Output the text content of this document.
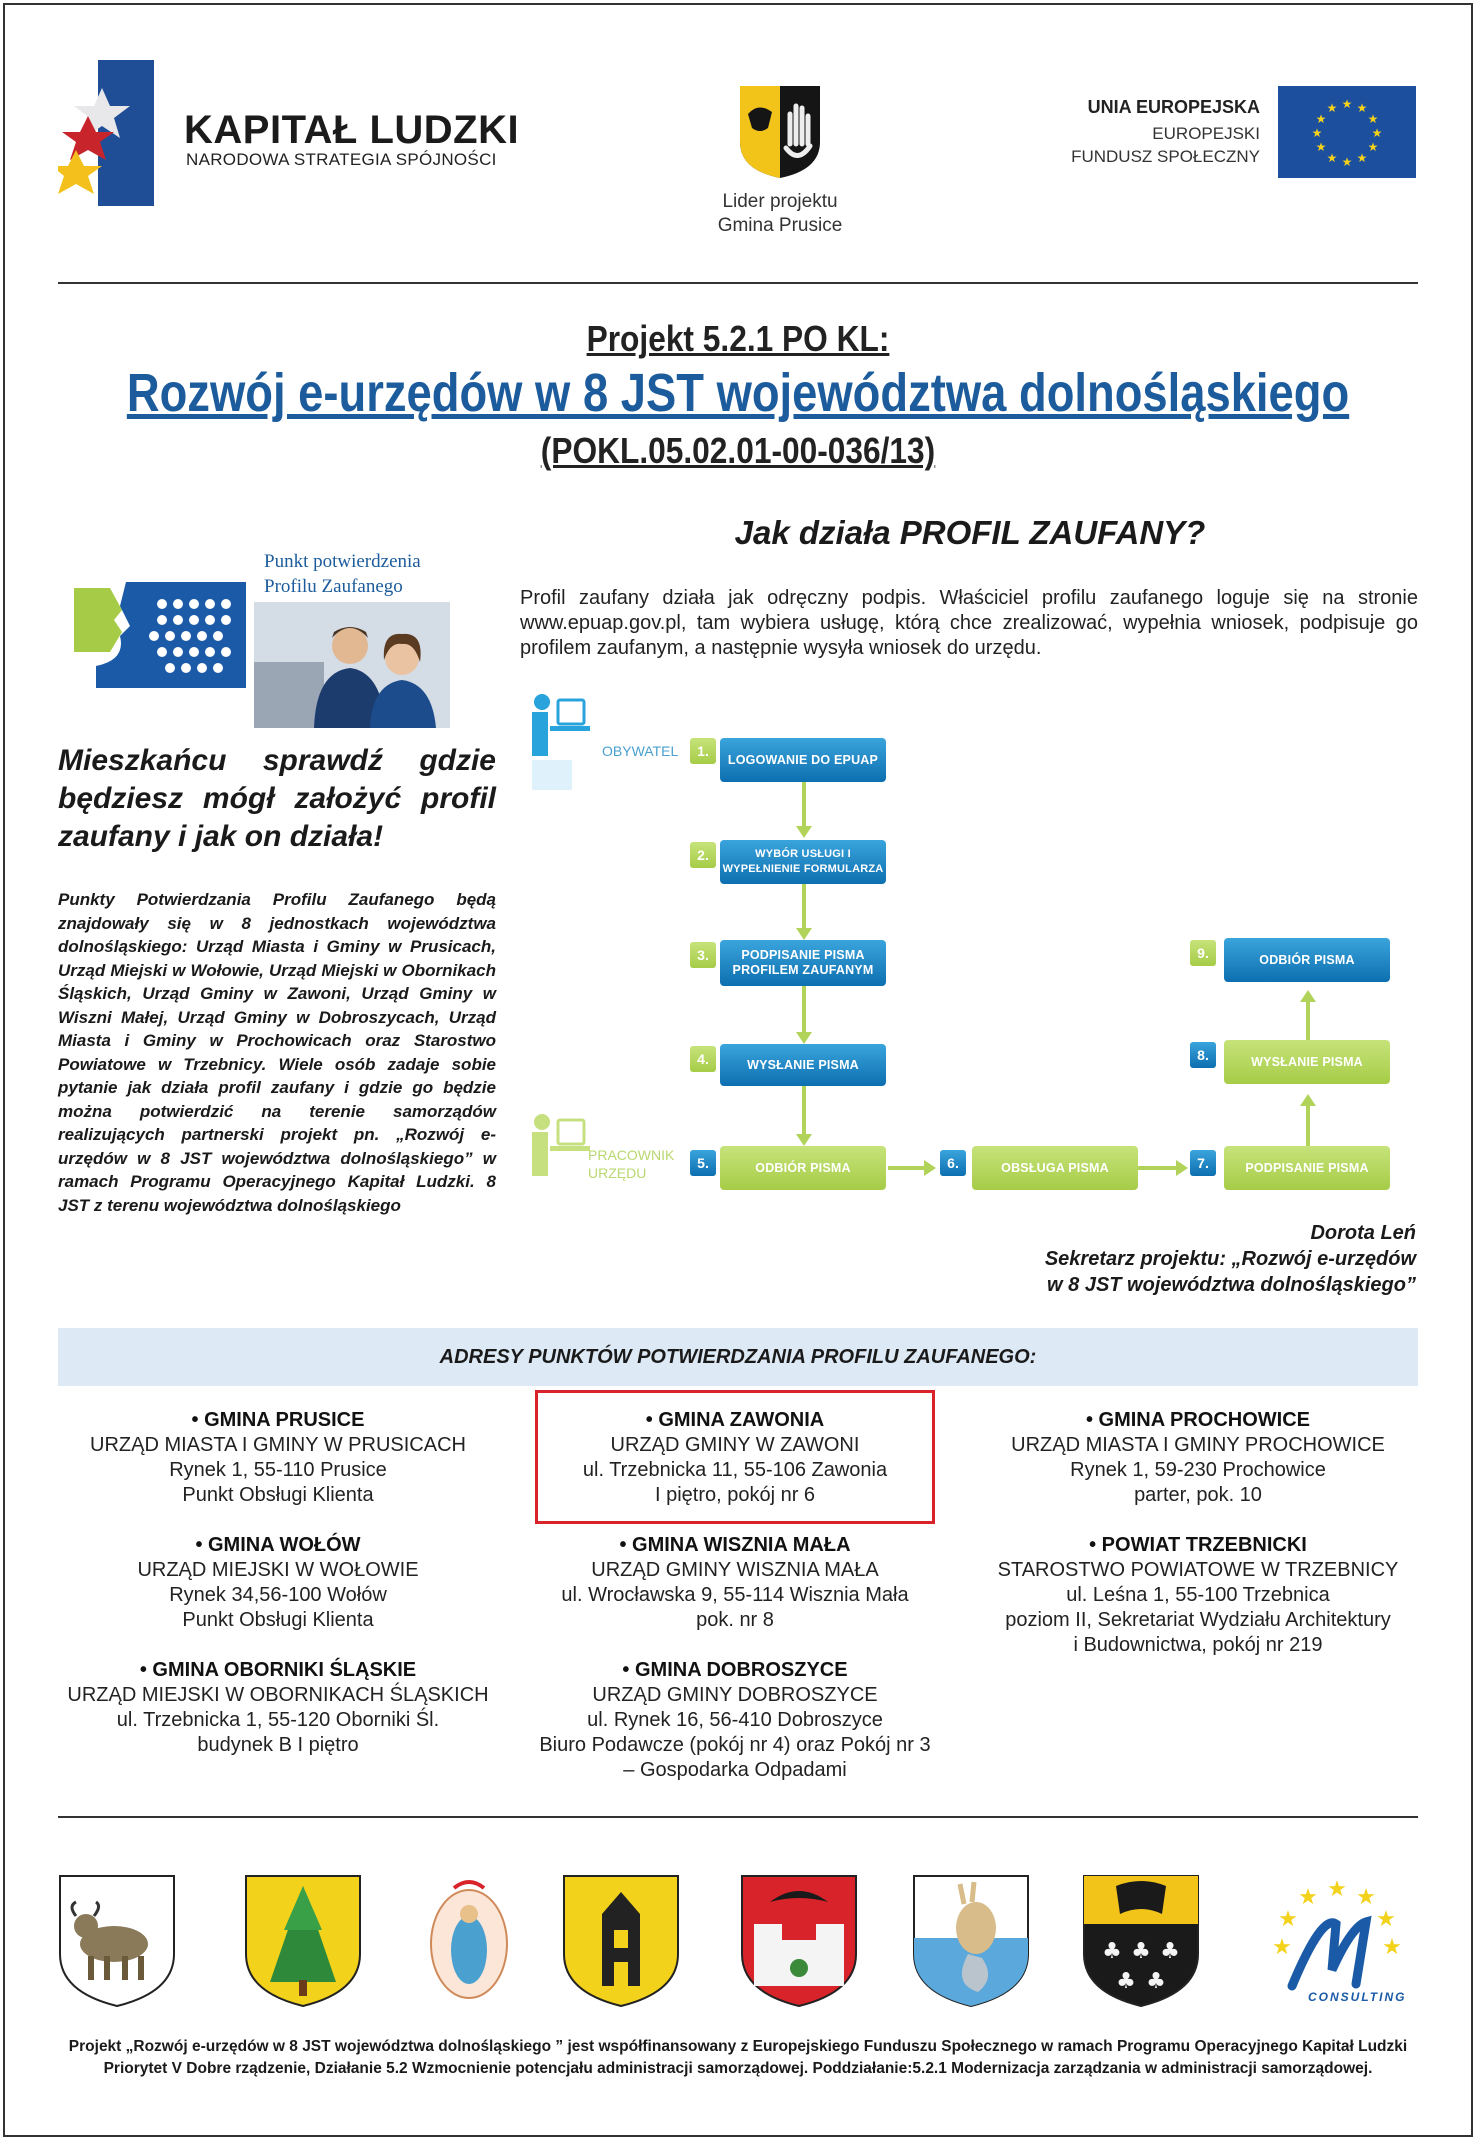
KAPITAŁ LUDZKI
NARODOWA STRATEGIA SPÓJNOŚCI
Lider projektu
Gmina Prusice
UNIA EUROPEJSKA
EUROPEJSKI
FUNDUSZ SPOŁECZNY
★ ★
★
★
★
★
★
★
★
★
★
★
Projekt 5.2.1 PO KL:
Rozwój e-urzędów w 8 JST województwa dolnośląskiego
(POKL.05.02.01-00-036/13)
Punkt potwierdzenia
Profilu Zaufanego
Mieszkańcu sprawdź gdzie będziesz mógł założyć profil zaufany i jak on działa!
Punkty Potwierdzania Profilu Zaufanego będą znajdowały się w 8 jednostkach województwa dolnośląskiego: Urząd Miasta i Gminy w Prusicach, Urząd Miejski w Wołowie, Urząd Miejski w Obornikach Śląskich, Urząd Gminy w Zawoni, Urząd Gminy w Wiszni Małej, Urząd Gminy w Dobroszycach, Urząd Miasta i Gminy w Prochowicach oraz Starostwo Powiatowe w Trzebnicy. Wiele osób zadaje sobie pytanie jak działa profil zaufany i gdzie go będzie można potwierdzić na terenie samorządów realizujących partnerski projekt pn. „Rozwój e-urzędów w 8 JST województwa dolnośląskiego” w ramach Programu Operacyjnego Kapitał Ludzki. 8 JST z terenu województwa dolnośląskiego
Jak działa PROFIL ZAUFANY?
Profil zaufany działa jak odręczny podpis. Właściciel profilu zaufanego loguje się na stronie www.epuap.gov.pl, tam wybiera usługę, którą chce zrealizować, wypełnia wniosek, podpisuje go profilem zaufanym, a następnie wysyła wniosek do urzędu.
OBYWATEL
PRACOWNIK
URZĘDU
1.
LOGOWANIE DO EPUAP
2.	WYBÓR USŁUGI I WYPEŁNIENIE FORMULARZA
3.	PODPISANIE PISMA PROFILEM ZAUFANYM
4.	WYSŁANIE PISMA
5.	ODBIÓR PISMA	6.	OBSŁUGA PISMA	7.	PODPISANIE PISMA
8.	WYSŁANIE PISMA
9.	ODBIÓR PISMA
Dorota Leń
Sekretarz projektu: „Rozwój e-urzędów
w 8 JST województwa dolnośląskiego”
ADRESY PUNKTÓW POTWIERDZANIA PROFILU ZAUFANEGO:
• GMINA PRUSICE
URZĄD MIASTA I GMINY W PRUSICACH
Rynek 1, 55-110 Prusice
Punkt Obsługi Klienta
• GMINA ZAWONIA
URZĄD GMINY W ZAWONI
ul. Trzebnicka 11, 55-106 Zawonia
I piętro, pokój nr 6
• GMINA PROCHOWICE
URZĄD MIASTA I GMINY PROCHOWICE
Rynek 1, 59-230 Prochowice
parter, pok. 10
• GMINA WOŁÓW
URZĄD MIEJSKI W WOŁOWIE
Rynek 34,56-100 Wołów
Punkt Obsługi Klienta
• GMINA WISZNIA MAŁA
URZĄD GMINY WISZNIA MAŁA
ul. Wrocławska 9, 55-114 Wisznia Mała
pok. nr 8
• POWIAT TRZEBNICKI
STAROSTWO POWIATOWE W TRZEBNICY
ul. Leśna 1, 55-100 Trzebnica
poziom II, Sekretariat Wydziału Architektury
i Budownictwa, pokój nr 219
• GMINA OBORNIKI ŚLĄSKIE
URZĄD MIEJSKI W OBORNIKACH ŚLĄSKICH
ul. Trzebnicka 1, 55-120 Oborniki Śl.
budynek B I piętro
• GMINA DOBROSZYCE
URZĄD GMINY DOBROSZYCE
ul. Rynek 16, 56-410 Dobroszyce
Biuro Podawcze (pokój nr 4) oraz Pokój nr 3
– Gospodarka Odpadami
♣ ♣ ♣
♣ ♣
★ ★
★
★
★
★
★
CONSULTING
Projekt „Rozwój e-urzędów w 8 JST województwa dolnośląskiego ” jest współfinansowany z Europejskiego Funduszu Społecznego w ramach Programu Operacyjnego Kapitał Ludzki
Priorytet V Dobre rządzenie, Działanie 5.2 Wzmocnienie potencjału administracji samorządowej. Poddziałanie:5.2.1 Modernizacja zarządzania w administracji samorządowej.
